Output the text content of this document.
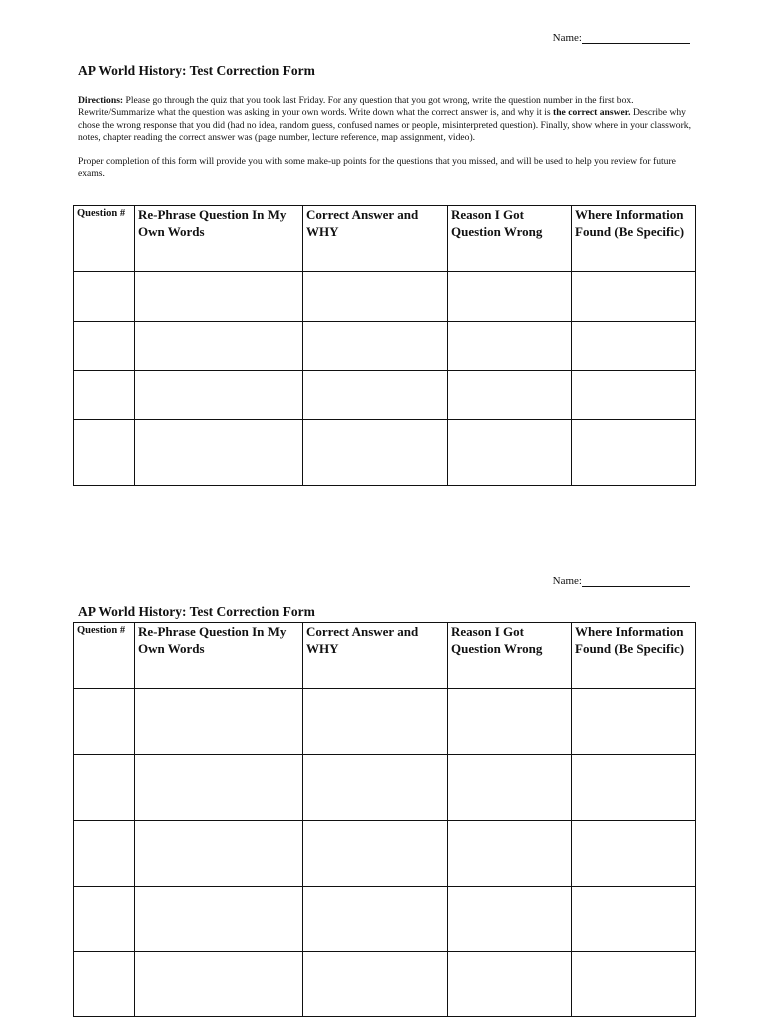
Name:
AP World History: Test Correction Form

Directions: Please go through the quiz that you took last Friday. For any question that you got wrong, write the question number in the first box. Rewrite/Summarize what the question was asking in your own words. Write down what the correct answer is, and why it is the correct answer. Describe why chose the wrong response that you did (had no idea, random guess, confused names or people, misinterpreted question). Finally, show where in your classwork, notes, chapter reading the correct answer was (page number, lecture reference, map assignment, video).

Proper completion of this form will provide you with some make-up points for the questions that you missed, and will be used to help you review for future exams.

Question #	Re-Phrase Question In My Own Words	Correct Answer and WHY	Reason I Got Question Wrong	Where Information Found (Be Specific)

Name:
AP World History: Test Correction Form
Question #	Re-Phrase Question In My Own Words	Correct Answer and WHY	Reason I Got Question Wrong	Where Information Found (Be Specific)
